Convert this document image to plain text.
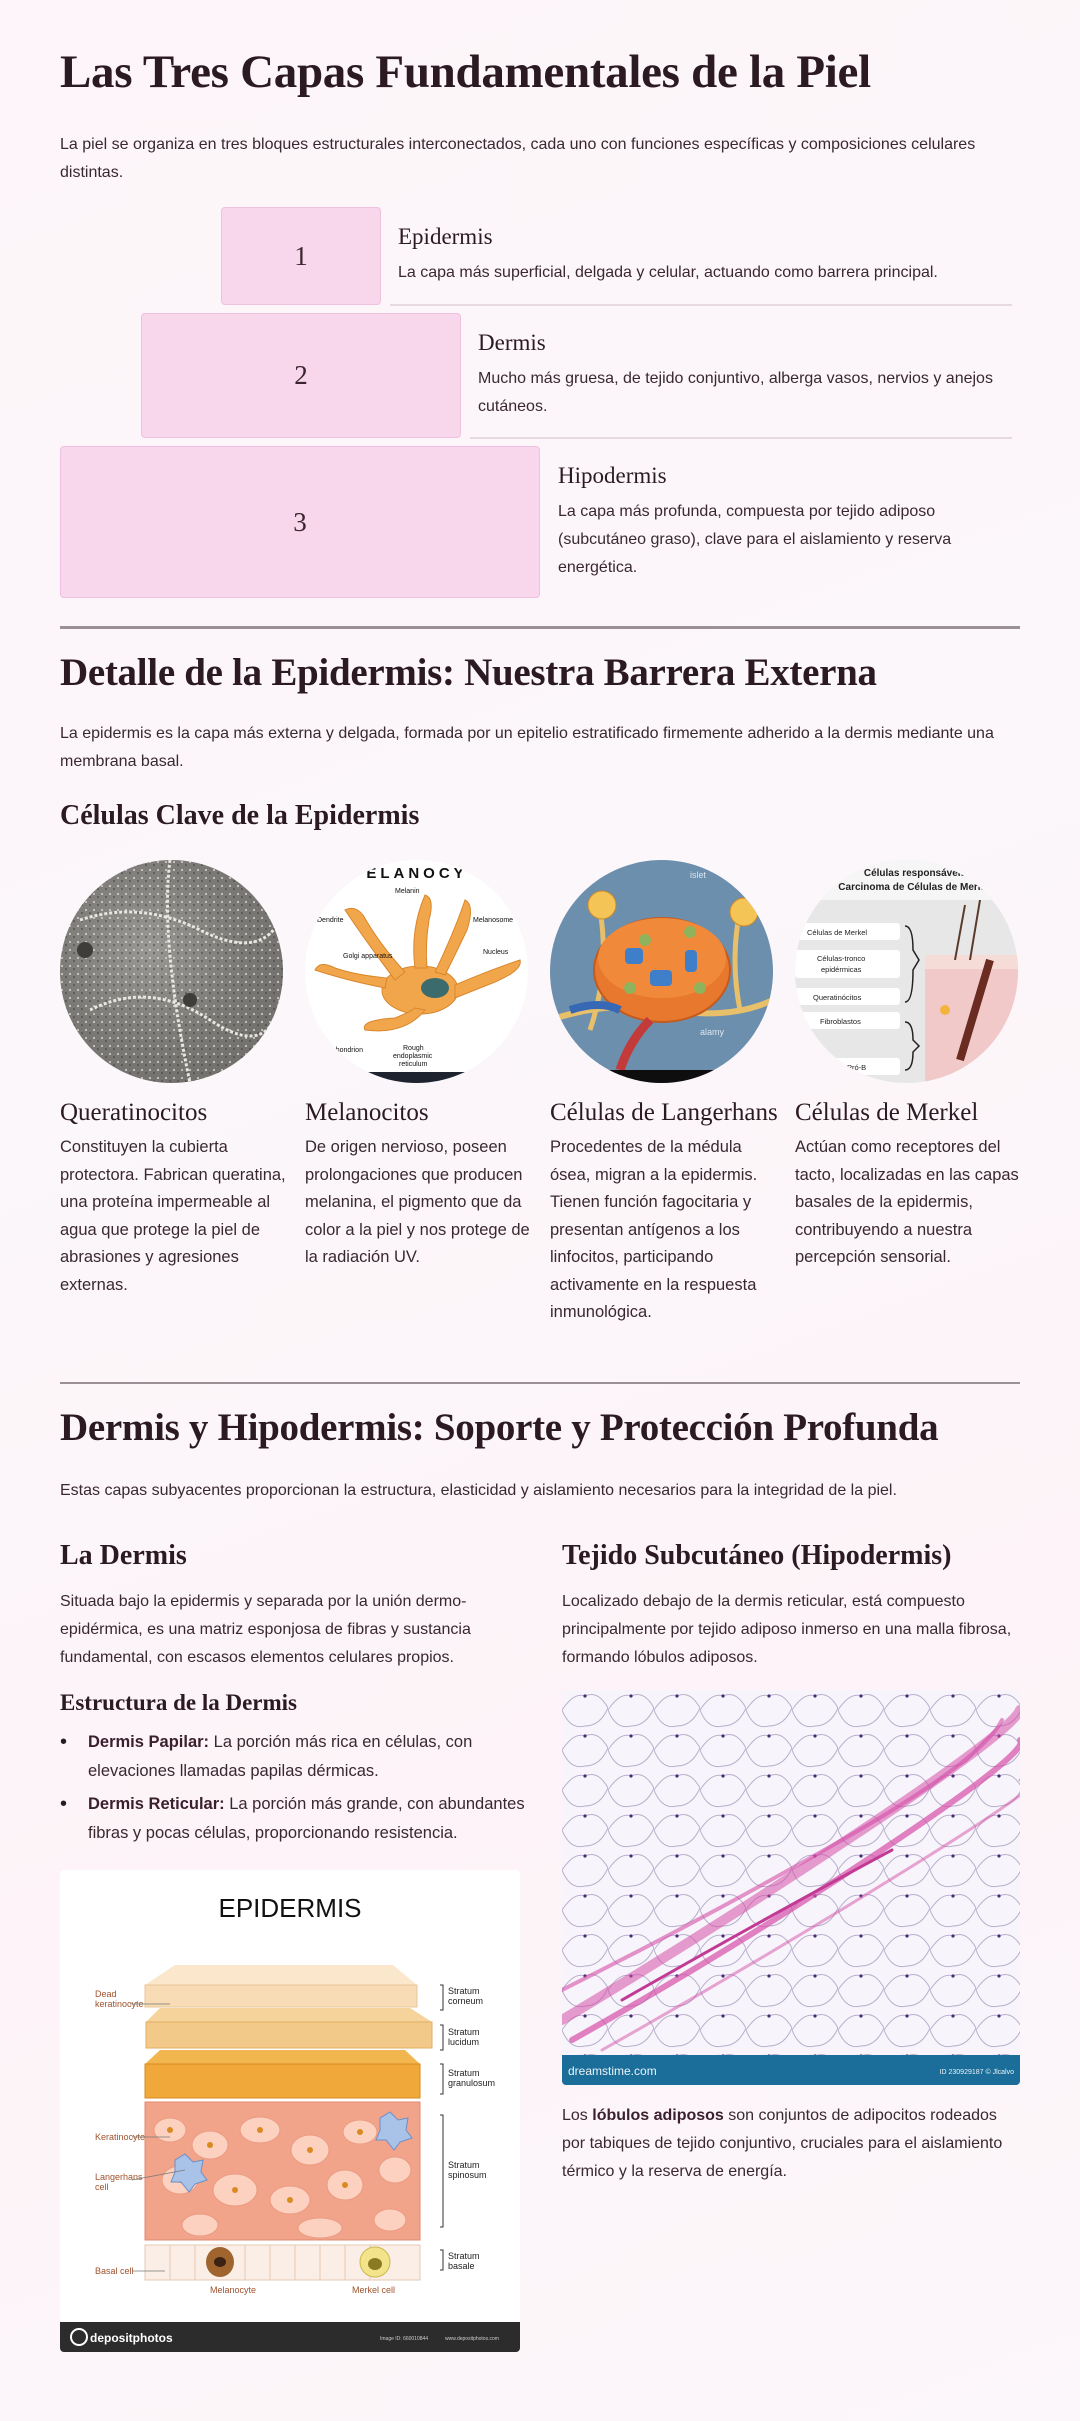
Las Tres Capas Fundamentales de la Piel

La piel se organiza en tres bloques estructurales interconectados, cada uno con funciones específicas y composiciones celulares distintas.

1
Epidermis
La capa más superficial, delgada y celular, actuando como barrera principal.
2
Dermis
Mucho más gruesa, de tejido conjuntivo, alberga vasos, nervios y anejos cutáneos.
3
Hipodermis
La capa más profunda, compuesta por tejido adiposo (subcutáneo graso), clave para el aislamiento y reserva energética.
Detalle de la Epidermis: Nuestra Barrera Externa

La epidermis es la capa más externa y delgada, formada por un epitelio estratificado firmemente adherido a la dermis mediante una membrana basal.

Células Clave de la Epidermis
ELANOCY
Melanin
Dendrite	Melanosome
Nucleus
Golgi apparatus
Mitochondrion	Rough
endoplasmic
reticulum
islet
alamy
Células responsáveis
Carcinoma de Células de Merkel
Células de Merkel
Células-tronco
epidérmicas
Queratinócitos
Fibroblastos
Pré e Pró-B
Queratinocitos
Constituyen la cubierta protectora. Fabrican queratina, una proteína impermeable al agua que protege la piel de abrasiones y agresiones externas.
Melanocitos
De origen nervioso, poseen prolongaciones que producen melanina, el pigmento que da color a la piel y nos protege de la radiación UV.
Células de Langerhans
Procedentes de la médula ósea, migran a la epidermis. Tienen función fagocitaria y presentan antígenos a los linfocitos, participando activamente en la respuesta inmunológica.
Células de Merkel
Actúan como receptores del tacto, localizadas en las capas basales de la epidermis, contribuyendo a nuestra percepción sensorial.
Dermis y Hipodermis: Soporte y Protección Profunda

Estas capas subyacentes proporcionan la estructura, elasticidad y aislamiento necesarios para la integridad de la piel.

La Dermis

Situada bajo la epidermis y separada por la unión dermo-epidérmica, es una matriz esponjosa de fibras y sustancia fundamental, con escasos elementos celulares propios.

Estructura de la Dermis
• Dermis Papilar: La porción más rica en células, con elevaciones llamadas papilas dérmicas.
• Dermis Reticular: La porción más grande, con abundantes fibras y pocas células, proporcionando resistencia.
EPIDERMIS
Dead
keratinocyte
Keratinocyte
Langerhans
cell
Basal cell
Melanocyte	Merkel cell
Stratum
corneum
Stratum
lucidum
Stratum
granulosum
Stratum
spinosum
Stratum
basale
depositphotos	Image ID: 660010844	www.depositphotos.com
Tejido Subcutáneo (Hipodermis)

Localizado debajo de la dermis reticular, está compuesto principalmente por tejido adiposo inmerso en una malla fibrosa, formando lóbulos adiposos.

dreamstime.com	ID 230929187 © Jlcalvo

Los lóbulos adiposos son conjuntos de adipocitos rodeados por tabiques de tejido conjuntivo, cruciales para el aislamiento térmico y la reserva de energía.
